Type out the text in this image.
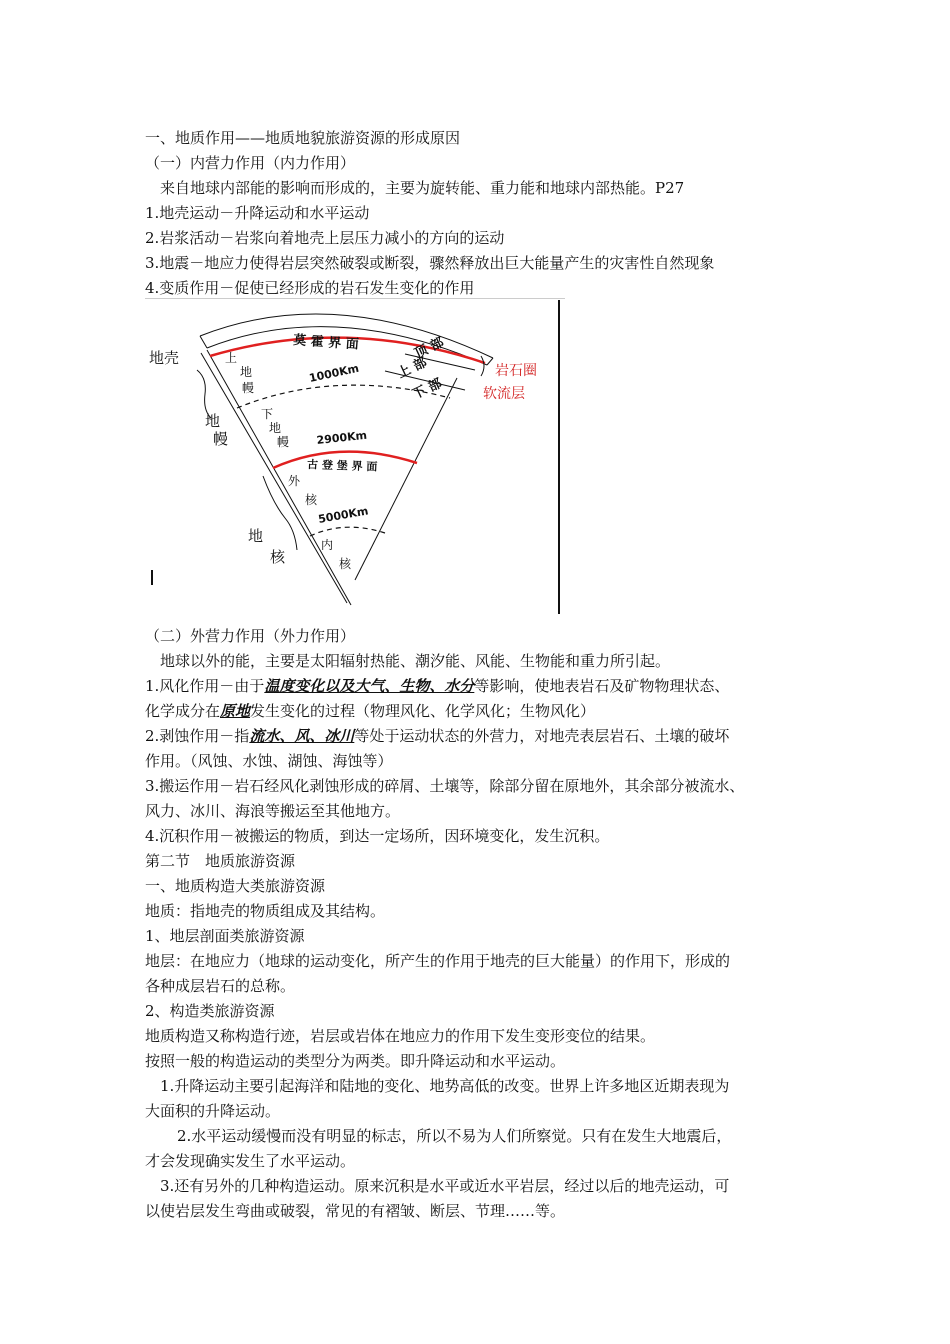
一、地质作用——地质地貌旅游资源的形成原因
（一）内营力作用（内力作用）
来自地球内部能的影响而形成的，主要为旋转能、重力能和地球内部热能。P27
1.地壳运动－升降运动和水平运动
2.岩浆活动－岩浆向着地壳上层压力减小的方向的运动
3.地震－地应力使得岩层突然破裂或断裂，骤然释放出巨大能量产生的灾害性自然现象
4.变质作用－促使已经形成的岩石发生变化的作用
地壳	上
地
幔
地
幔
下
地
幔
外
核
地
核
内
核
莫 霍 界 面	顶 部
上 部
下 部
1000Km
2900Km
古 登 堡 界 面
5000Km
岩石圈
软流层
（二）外营力作用（外力作用）
地球以外的能，主要是太阳辐射热能、潮汐能、风能、生物能和重力所引起。
1.风化作用－由于温度变化以及大气、生物、水分等影响，使地表岩石及矿物物理状态、
化学成分在原地发生变化的过程（物理风化、化学风化；生物风化）
2.剥蚀作用－指流水、风、冰川等处于运动状态的外营力，对地壳表层岩石、土壤的破坏
作用。（风蚀、水蚀、湖蚀、海蚀等）
3.搬运作用－岩石经风化剥蚀形成的碎屑、土壤等，除部分留在原地外，其余部分被流水、
风力、冰川、海浪等搬运至其他地方。
4.沉积作用－被搬运的物质，到达一定场所，因环境变化，发生沉积。
第二节　地质旅游资源
一、地质构造大类旅游资源
地质：指地壳的物质组成及其结构。
1、地层剖面类旅游资源
地层：在地应力（地球的运动变化，所产生的作用于地壳的巨大能量）的作用下，形成的
各种成层岩石的总称。
2、构造类旅游资源
地质构造又称构造行迹，岩层或岩体在地应力的作用下发生变形变位的结果。
按照一般的构造运动的类型分为两类。即升降运动和水平运动。
1.升降运动主要引起海洋和陆地的变化、地势高低的改变。世界上许多地区近期表现为
大面积的升降运动。
2.水平运动缓慢而没有明显的标志，所以不易为人们所察觉。只有在发生大地震后，
才会发现确实发生了水平运动。
3.还有另外的几种构造运动。原来沉积是水平或近水平岩层，经过以后的地壳运动，可
以使岩层发生弯曲或破裂，常见的有褶皱、断层、节理……等。
